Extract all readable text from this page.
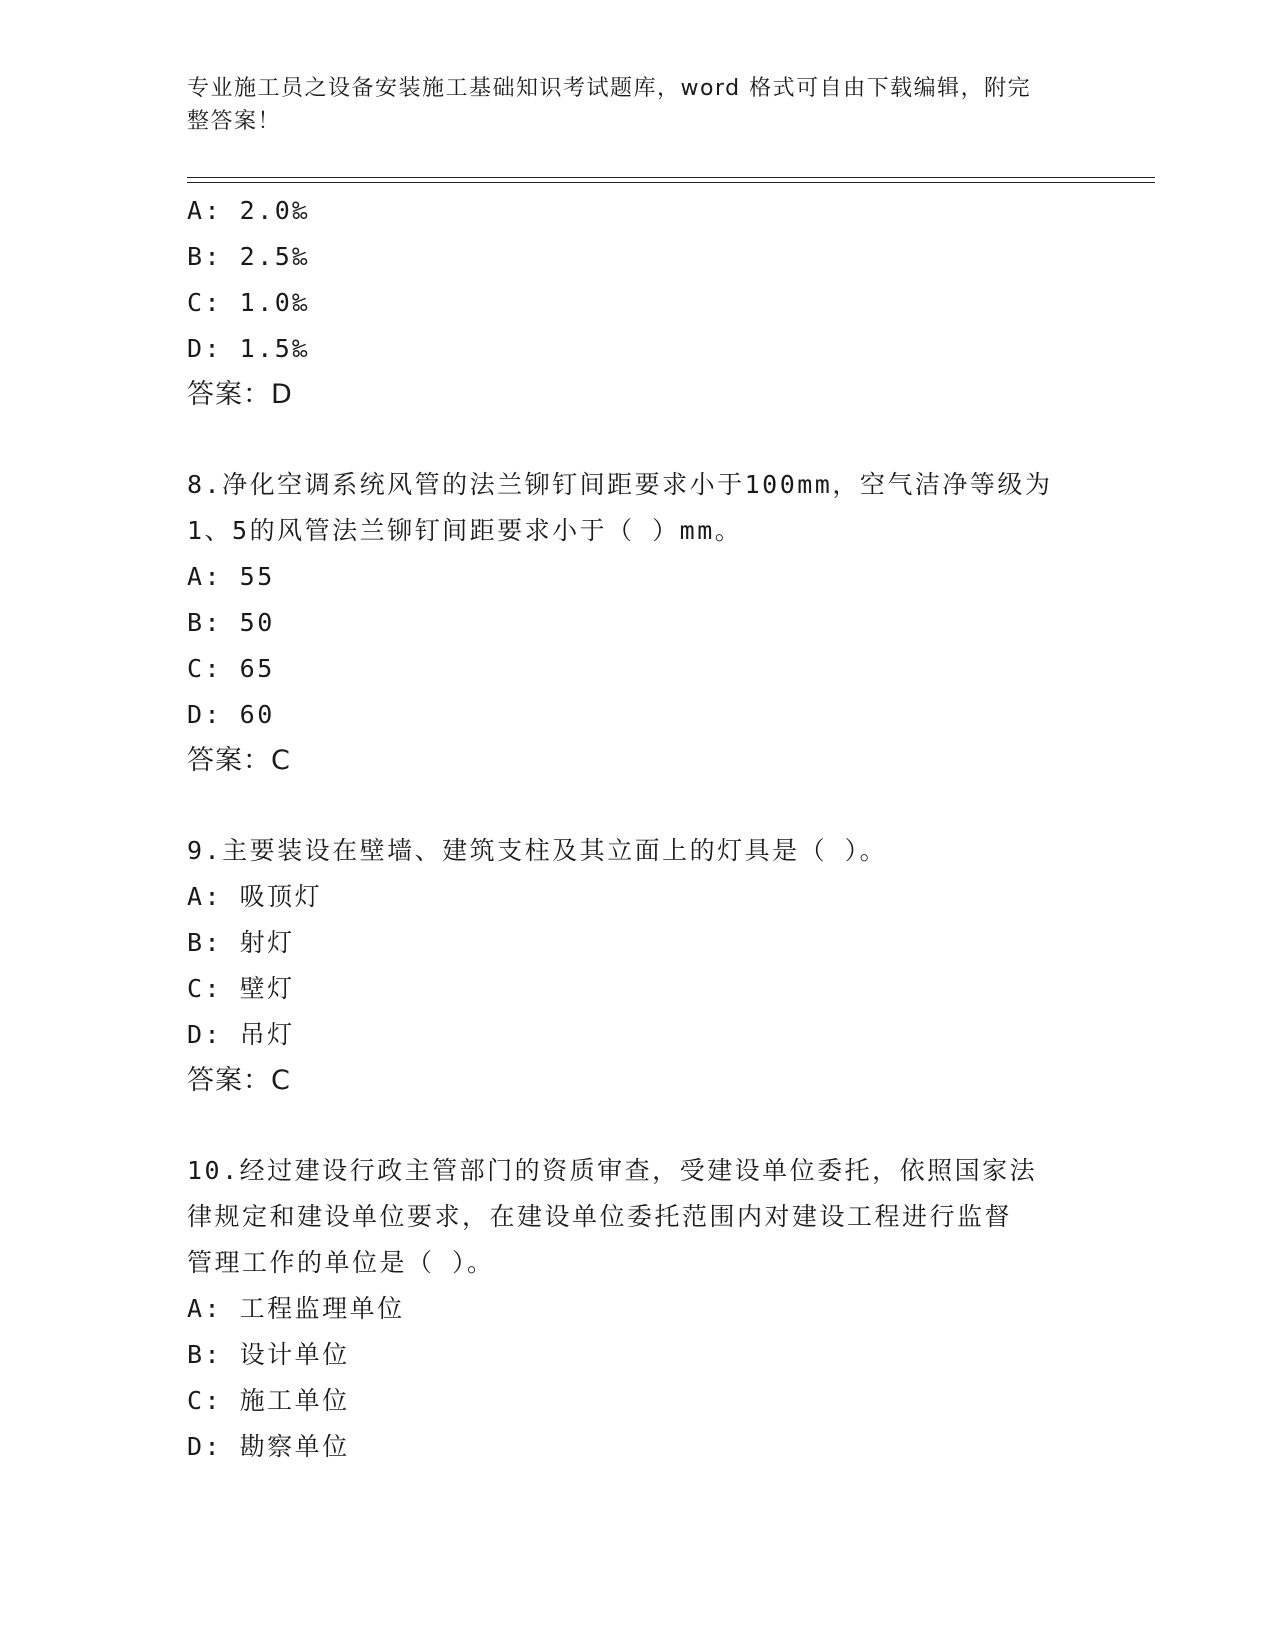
专业施工员之设备安装施工基础知识考试题库，word 格式可自由下载编辑，附完
整答案！
A: 2.0‰
B: 2.5‰
C: 1.0‰
D: 1.5‰
答案：D
8.净化空调系统风管的法兰铆钉间距要求小于100mm，空气洁净等级为
1、5的风管法兰铆钉间距要求小于（ ）mm。
A: 55
B: 50
C: 65
D: 60
答案：C
9.主要装设在壁墙、建筑支柱及其立面上的灯具是（ ）。
A: 吸顶灯
B: 射灯
C: 壁灯
D: 吊灯
答案：C
10.经过建设行政主管部门的资质审查，受建设单位委托，依照国家法
律规定和建设单位要求，在建设单位委托范围内对建设工程进行监督
管理工作的单位是（ ）。
A: 工程监理单位
B: 设计单位
C: 施工单位
D: 勘察单位
